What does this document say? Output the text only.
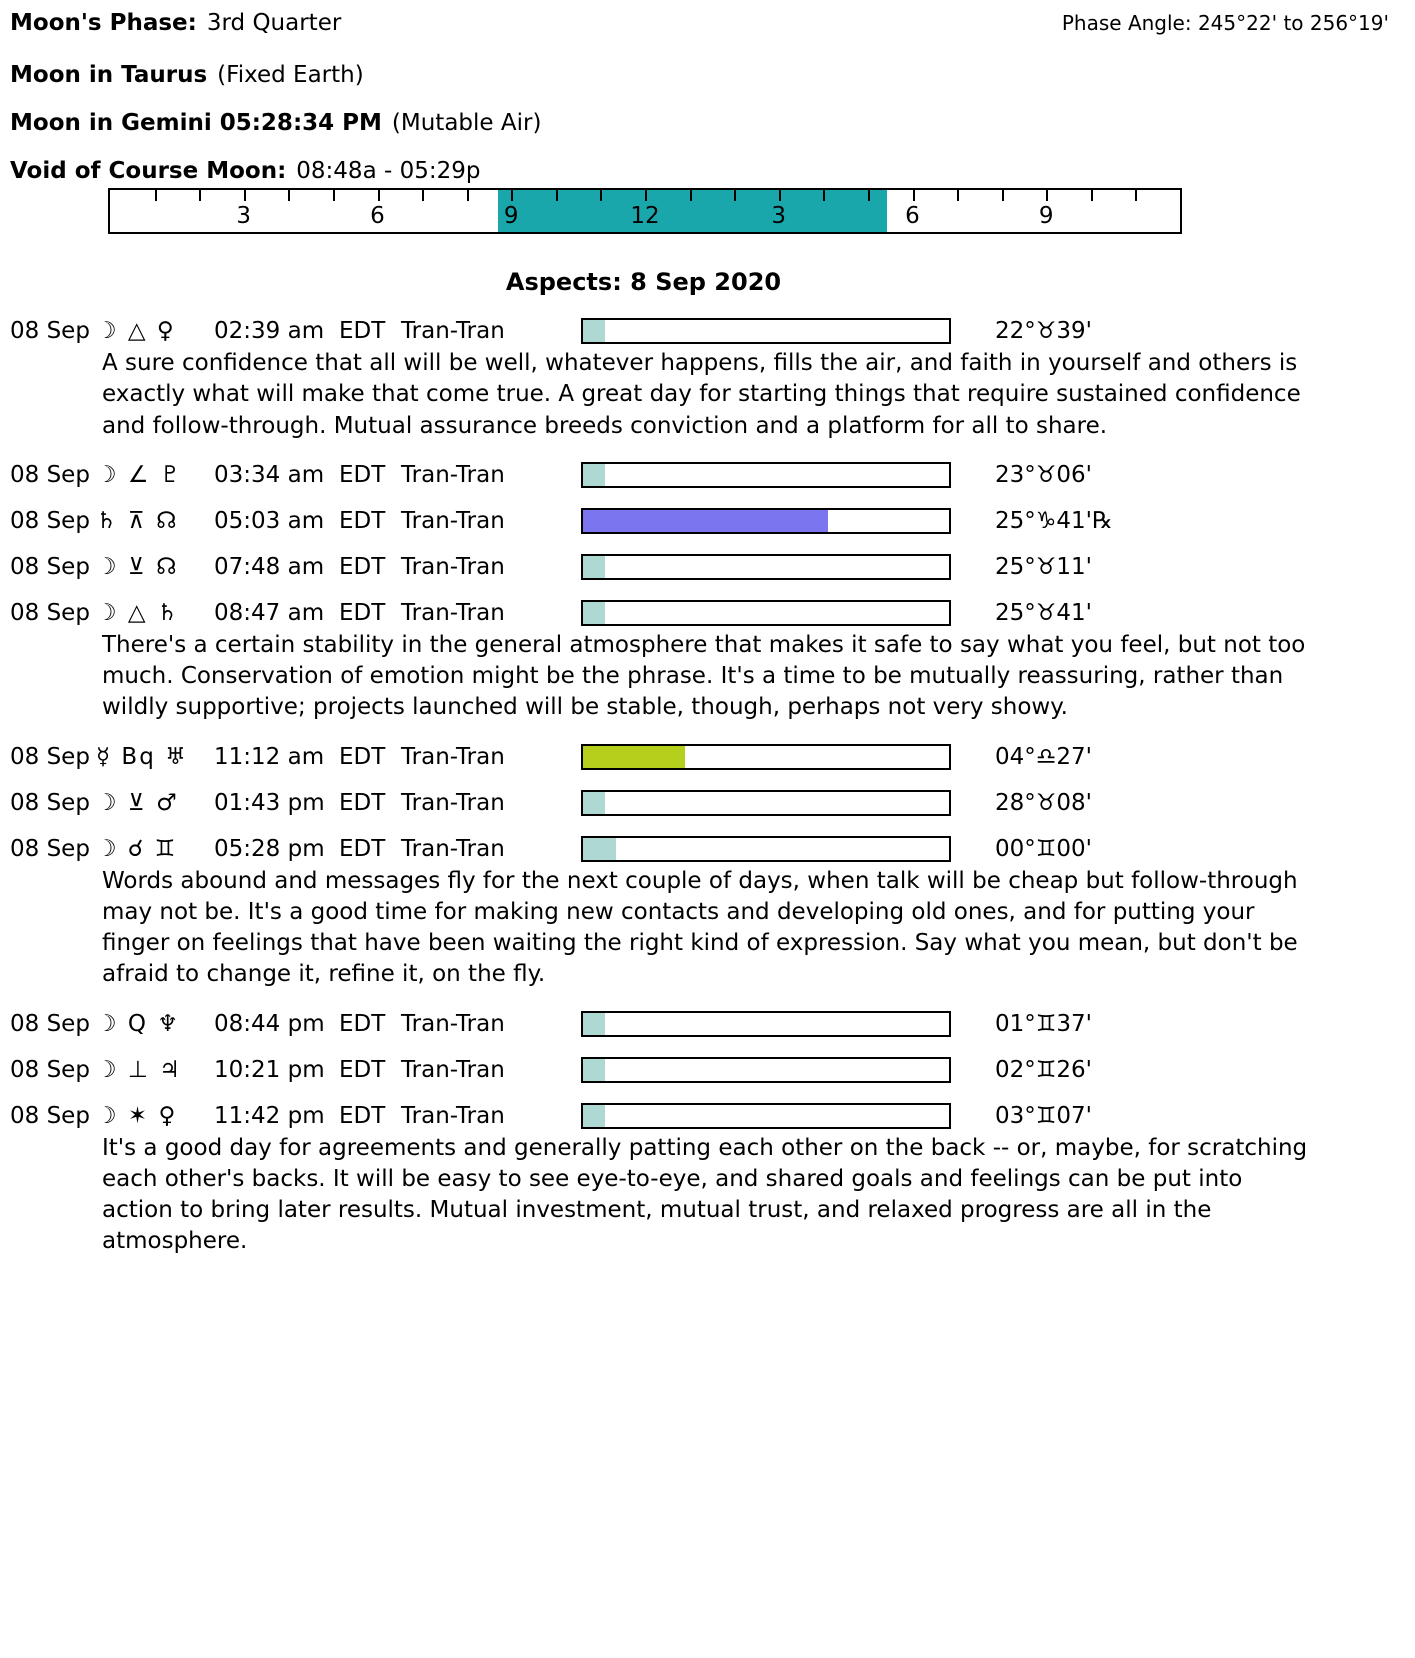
Moon's Phase: 3rd Quarter	Phase Angle: 245°22' to 256°19'
Moon in Taurus (Fixed Earth)
Moon in Gemini 05:28:34 PM (Mutable Air)
Void of Course Moon: 08:48a - 05:29p
3	6	9	12	3	6	9
Aspects: 8 Sep 2020
08 Sep ☽ △ ♀	02:39 am EDT Tran-Tran	22°♉39'
A sure confidence that all will be well, whatever happens, fills the air, and faith in yourself and others is exactly what will make that come true. A great day for starting things that require sustained confidence and follow-through. Mutual assurance breeds conviction and a platform for all to share.
08 Sep ☽ ∠ ♇	03:34 am EDT Tran-Tran	23°♉06'
08 Sep ♄ ⊼ ☊	05:03 am EDT Tran-Tran	25°♑41' ℞
08 Sep ☽ ⊻ ☊	07:48 am EDT Tran-Tran	25°♉11'
08 Sep ☽ △ ♄	08:47 am EDT Tran-Tran	25°♉41'
There's a certain stability in the general atmosphere that makes it safe to say what you feel, but not too much. Conservation of emotion might be the phrase. It's a time to be mutually reassuring, rather than wildly supportive; projects launched will be stable, though, perhaps not very showy.
08 Sep ☿ Bq ♅	11:12 am EDT Tran-Tran	04°♎27'
08 Sep ☽ ⊻ ♂	01:43 pm EDT Tran-Tran	28°♉08'
08 Sep ☽ ☌ ♊	05:28 pm EDT Tran-Tran	00°♊00'
Words abound and messages fly for the next couple of days, when talk will be cheap but follow-through may not be. It's a good time for making new contacts and developing old ones, and for putting your finger on feelings that have been waiting the right kind of expression. Say what you mean, but don't be afraid to change it, refine it, on the fly.
08 Sep ☽ Q ♆	08:44 pm EDT Tran-Tran	01°♊37'
08 Sep ☽ ⊥ ♃	10:21 pm EDT Tran-Tran	02°♊26'
08 Sep ☽ ✶ ♀	11:42 pm EDT Tran-Tran	03°♊07'
It's a good day for agreements and generally patting each other on the back -- or, maybe, for scratching each other's backs. It will be easy to see eye-to-eye, and shared goals and feelings can be put into action to bring later results. Mutual investment, mutual trust, and relaxed progress are all in the atmosphere.
